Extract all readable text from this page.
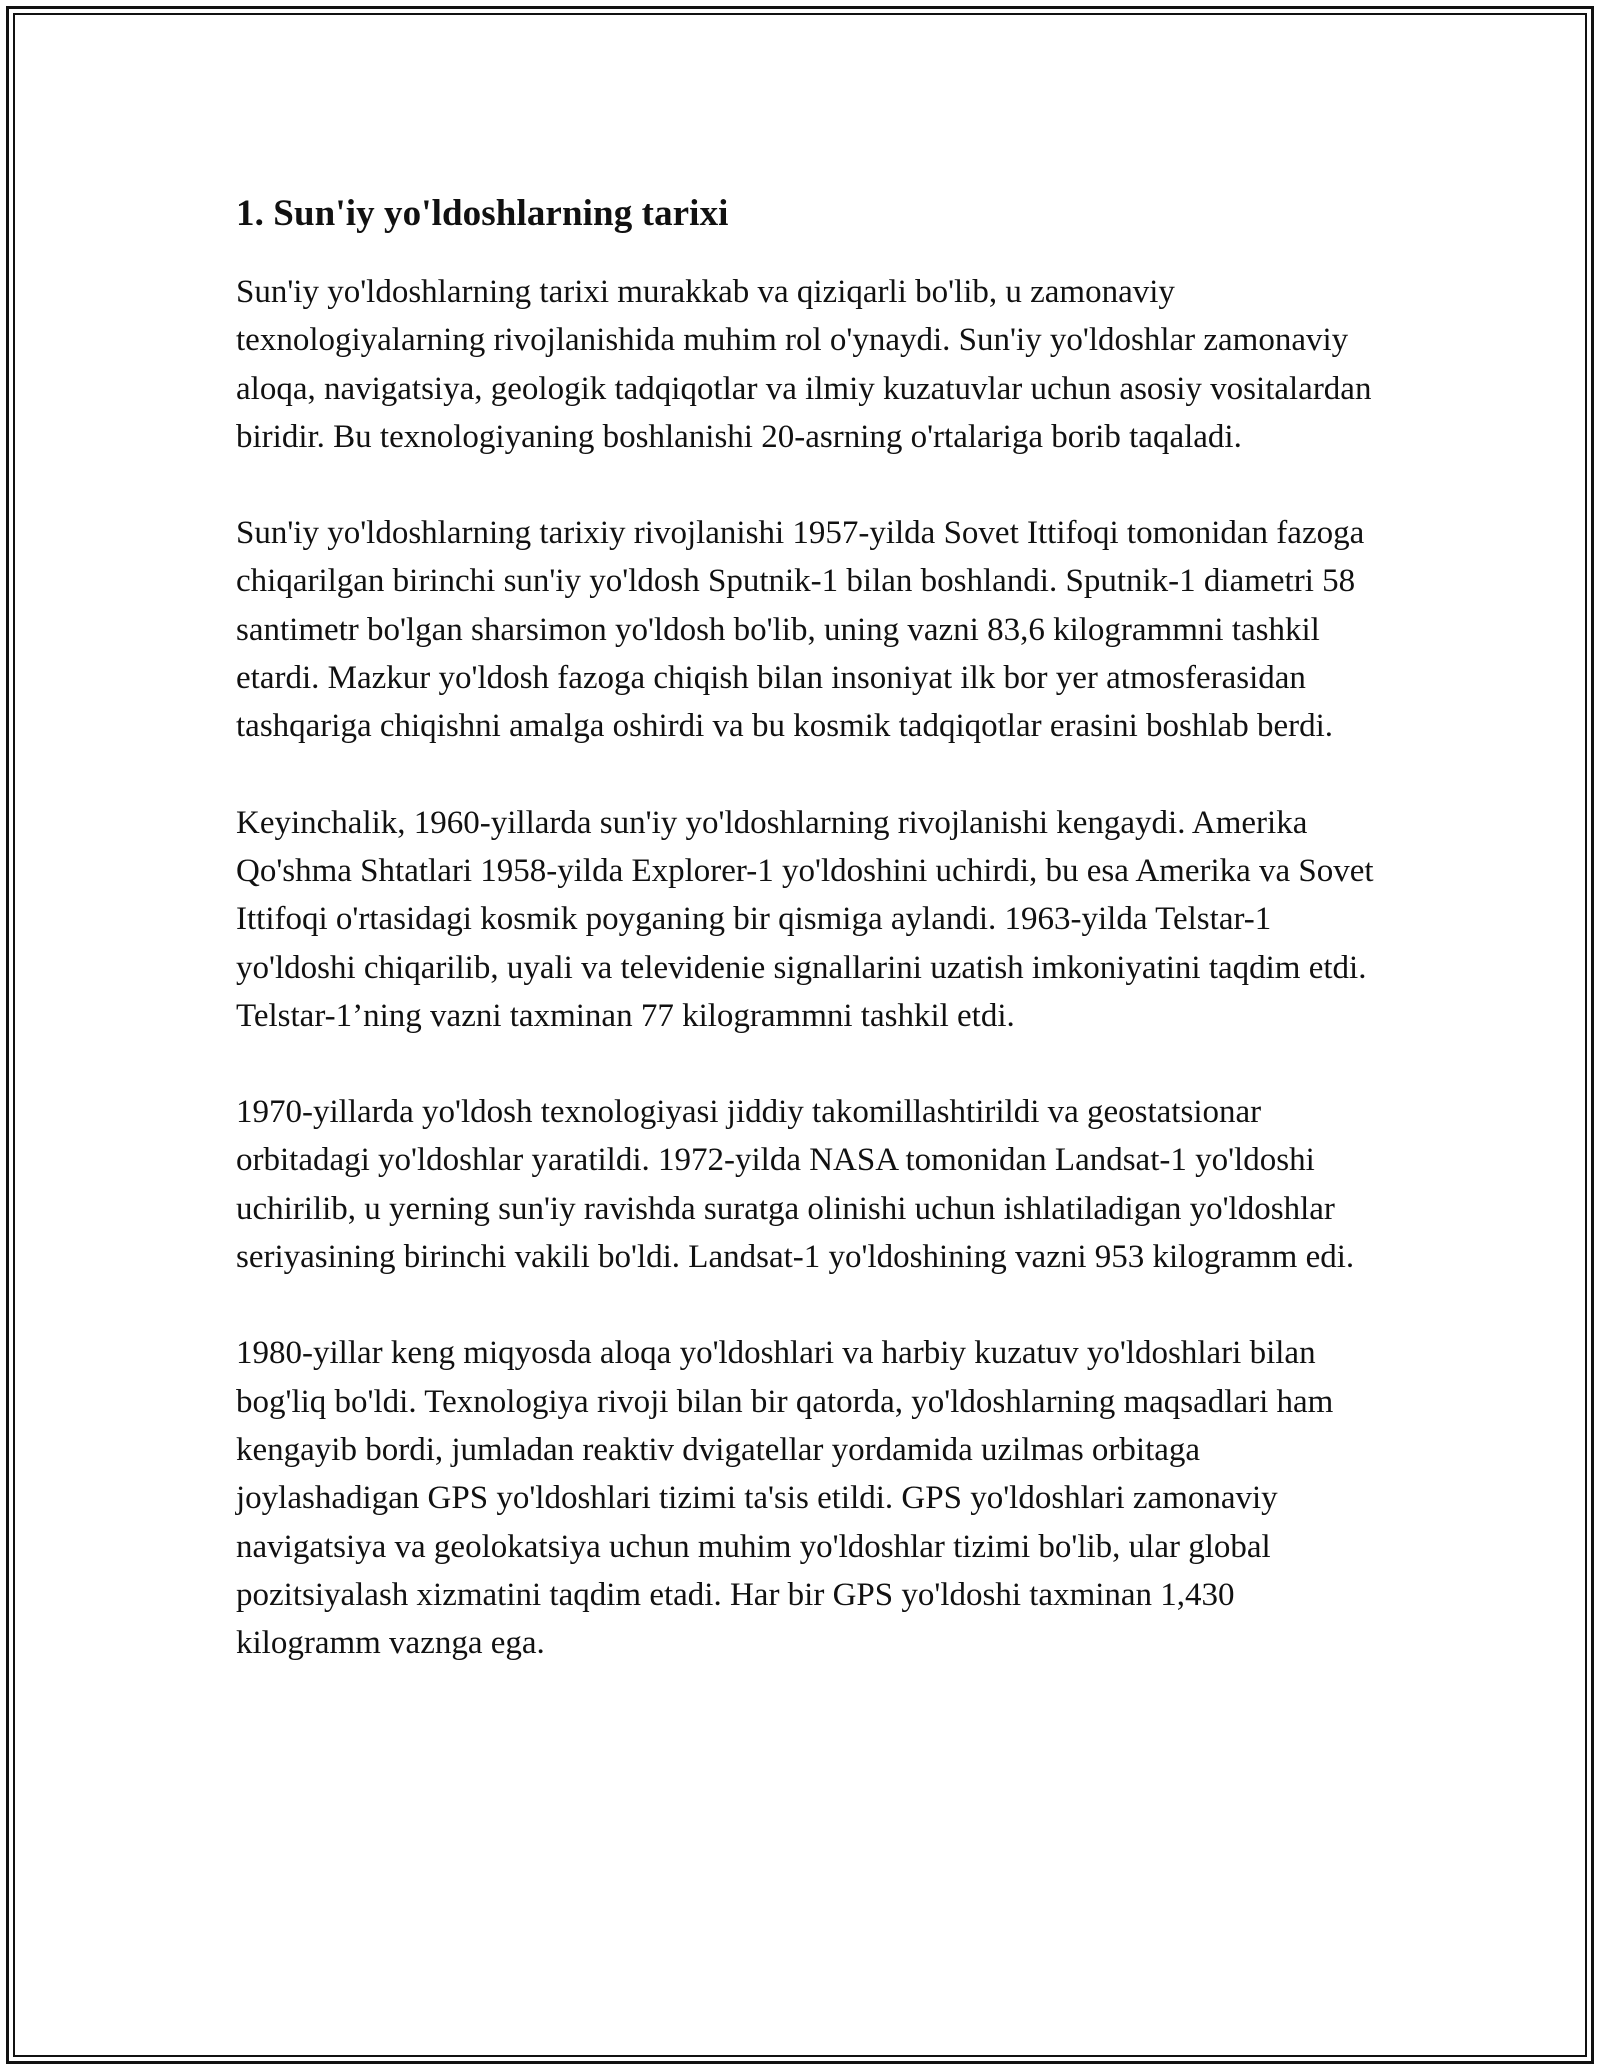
1. Sun'iy yo'ldoshlarning tarixi

Sun'iy yo'ldoshlarning tarixi murakkab va qiziqarli bo'lib, u zamonaviy texnologiyalarning rivojlanishida muhim rol o'ynaydi. Sun'iy yo'ldoshlar zamonaviy aloqa, navigatsiya, geologik tadqiqotlar va ilmiy kuzatuvlar uchun asosiy vositalardan biridir. Bu texnologiyaning boshlanishi 20-asrning o'rtalariga borib taqaladi.

Sun'iy yo'ldoshlarning tarixiy rivojlanishi 1957-yilda Sovet Ittifoqi tomonidan fazoga chiqarilgan birinchi sun'iy yo'ldosh Sputnik-1 bilan boshlandi. Sputnik-1 diametri 58 santimetr bo'lgan sharsimon yo'ldosh bo'lib, uning vazni 83,6 kilogrammni tashkil etardi. Mazkur yo'ldosh fazoga chiqish bilan insoniyat ilk bor yer atmosferasidan tashqariga chiqishni amalga oshirdi va bu kosmik tadqiqotlar erasini boshlab berdi.

Keyinchalik, 1960-yillarda sun'iy yo'ldoshlarning rivojlanishi kengaydi. Amerika Qo'shma Shtatlari 1958-yilda Explorer-1 yo'ldoshini uchirdi, bu esa Amerika va Sovet Ittifoqi o'rtasidagi kosmik poyganing bir qismiga aylandi. 1963-yilda Telstar-1 yo'ldoshi chiqarilib, uyali va televidenie signallarini uzatish imkoniyatini taqdim etdi. Telstar-1’ning vazni taxminan 77 kilogrammni tashkil etdi.

1970-yillarda yo'ldosh texnologiyasi jiddiy takomillashtirildi va geostatsionar orbitadagi yo'ldoshlar yaratildi. 1972-yilda NASA tomonidan Landsat-1 yo'ldoshi uchirilib, u yerning sun'iy ravishda suratga olinishi uchun ishlatiladigan yo'ldoshlar seriyasining birinchi vakili bo'ldi. Landsat-1 yo'ldoshining vazni 953 kilogramm edi.

1980-yillar keng miqyosda aloqa yo'ldoshlari va harbiy kuzatuv yo'ldoshlari bilan bog'liq bo'ldi. Texnologiya rivoji bilan bir qatorda, yo'ldoshlarning maqsadlari ham kengayib bordi, jumladan reaktiv dvigatellar yordamida uzilmas orbitaga joylashadigan GPS yo'ldoshlari tizimi ta'sis etildi. GPS yo'ldoshlari zamonaviy navigatsiya va geolokatsiya uchun muhim yo'ldoshlar tizimi bo'lib, ular global pozitsiyalash xizmatini taqdim etadi. Har bir GPS yo'ldoshi taxminan 1,430 kilogramm vaznga ega.
